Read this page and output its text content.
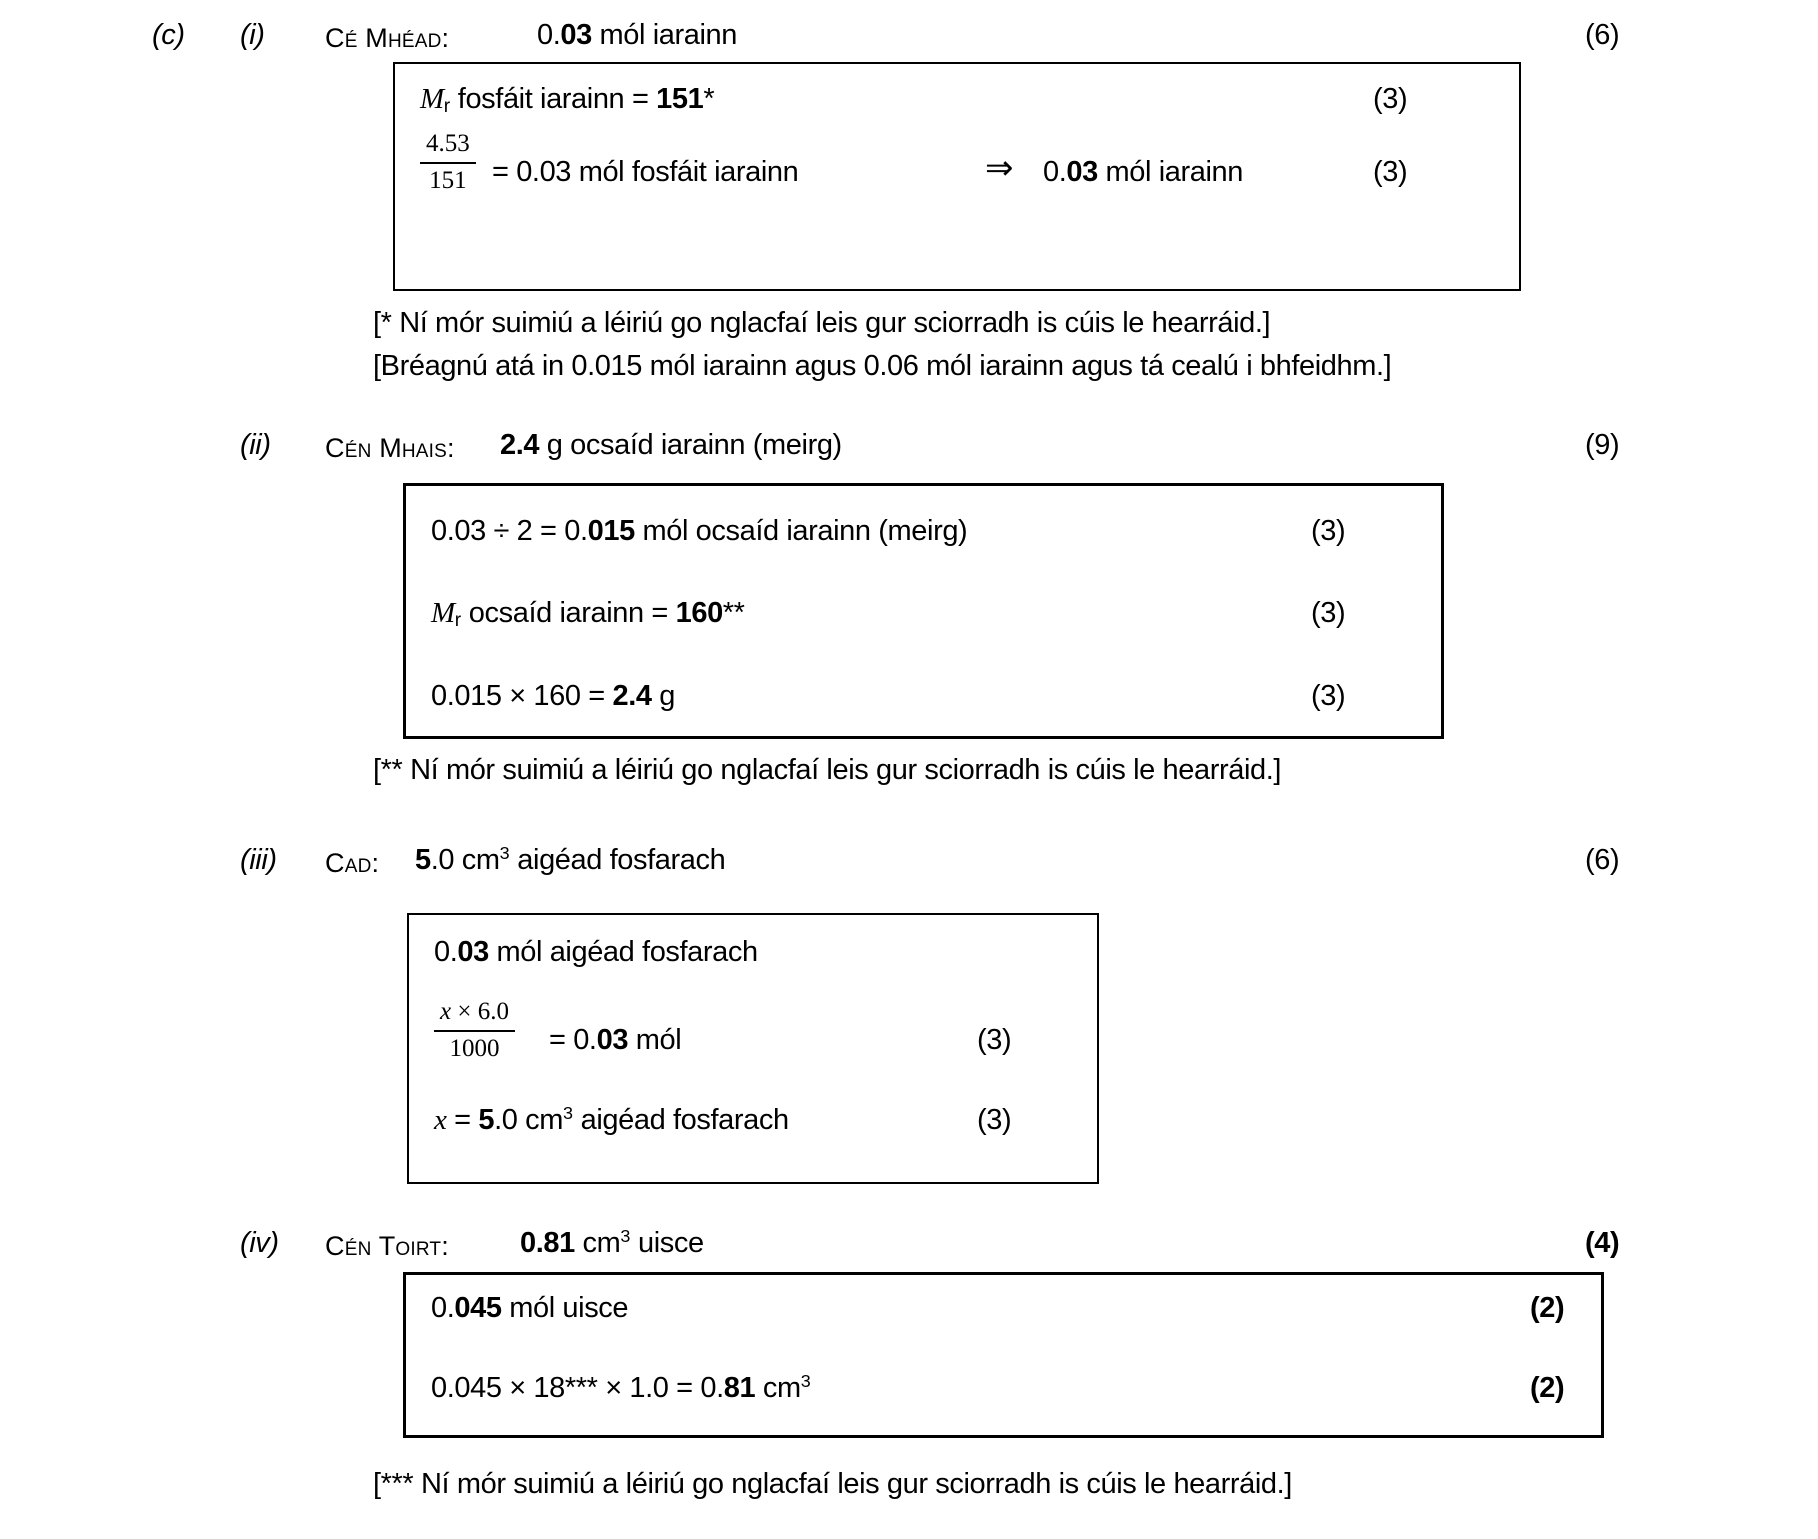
(c) (i) Cé Mhéad:	0.03 mól iarainn	(6)
Mr fosfáit iarainn = 151*	(3)
$\frac{4.53}{151} = 0.03$ mól fosfáit iarainn	⇒ 0.03 mól iarainn	(3)
[* Ní mór suimiú a léiriú go nglacfaí leis gur sciorradh is cúis le hearráid.]
[Bréagnú atá in 0.015 mól iarainn agus 0.06 mól iarainn agus tá cealú i bhfeidhm.]
(ii) Cén Mhais: 2.4 g ocsaíd iarainn (meirg)	(9)
0.03 ÷ 2 = 0.015 mól ocsaíd iarainn (meirg)	(3)
Mr ocsaíd iarainn = 160**	(3)
0.015 × 160 = 2.4 g	(3)
[** Ní mór suimiú a léiriú go nglacfaí leis gur sciorradh is cúis le hearráid.]
(iii) Cad: 5.0 $cm^3$ aigéad fosfarach	(6)
0.03 mól aigéad fosfarach
$\frac{x \times 6.0}{1000} = 0.03$ mól	(3)
x = 5.0 $cm^3$ aigéad fosfarach	(3)
(iv) Cén Toirt: 0.81 $cm^3$ uisce	(4)
0.045 mól uisce	(2)
0.045 × 18*** × 1.0 = 0.81 $cm^3$	(2)
[*** Ní mór suimiú a léiriú go nglacfaí leis gur sciorradh is cúis le hearráid.]
